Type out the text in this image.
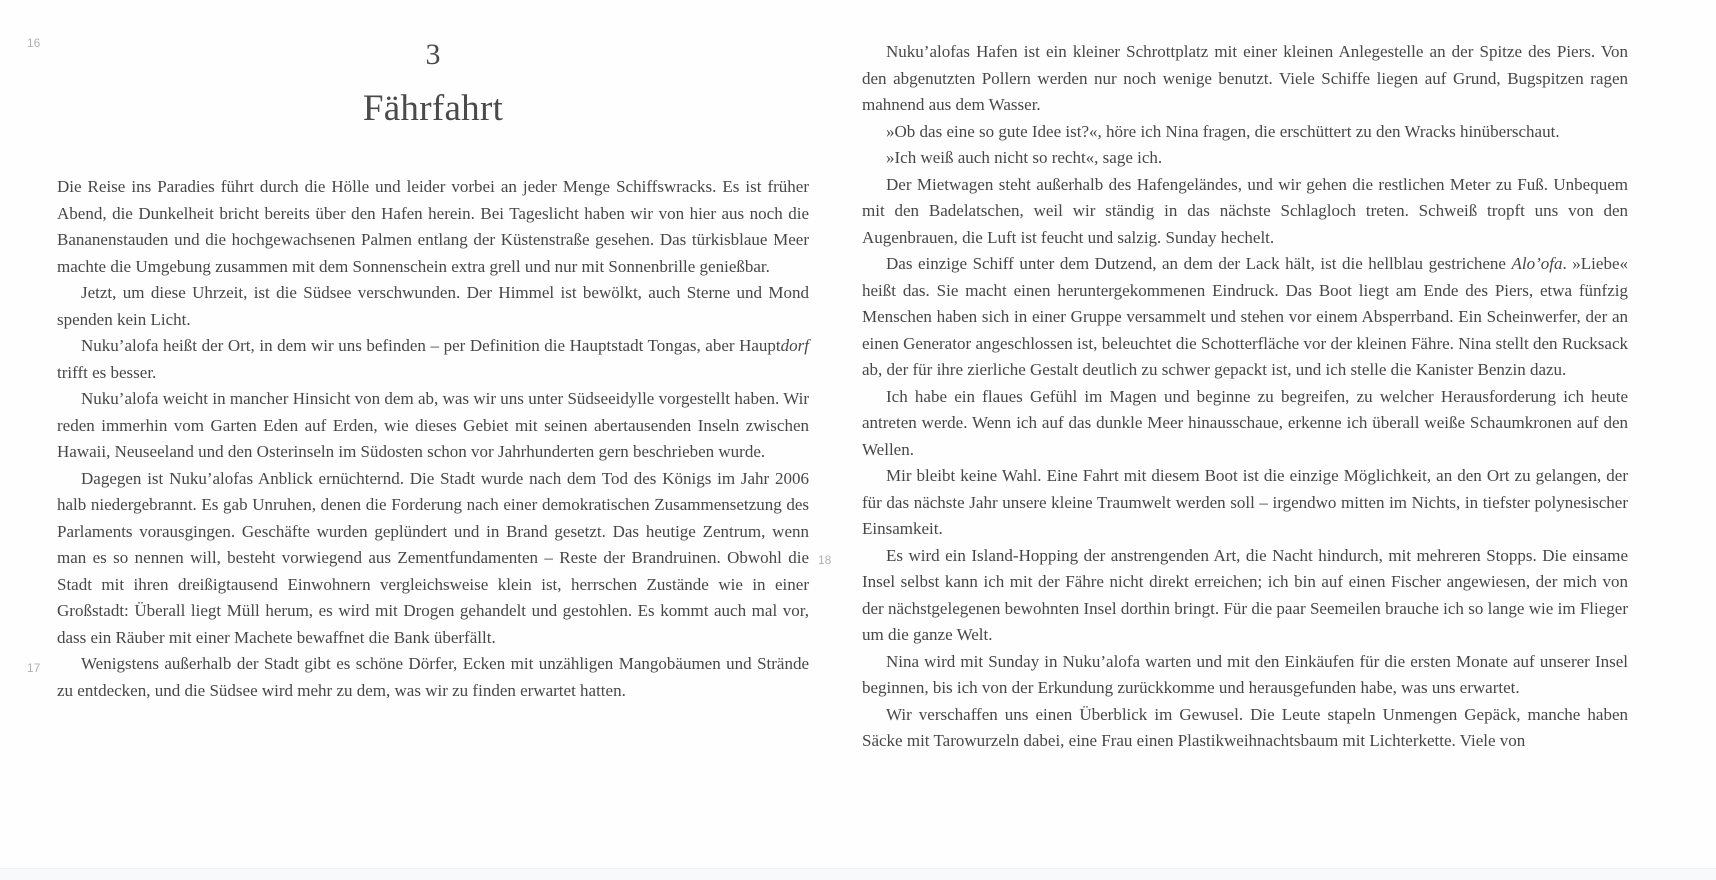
16	3
Fährfahrt

Die Reise ins Paradies führt durch die Hölle und leider vorbei an jeder Menge Schiffswracks. Es ist früher Abend, die Dunkelheit bricht bereits über den Hafen herein. Bei Tageslicht haben wir von hier aus noch die Bananenstauden und die hochgewachsenen Palmen entlang der Küstenstraße gesehen. Das türkisblaue Meer machte die Umgebung zusammen mit dem Sonnenschein extra grell und nur mit Sonnenbrille genießbar.

Jetzt, um diese Uhrzeit, ist die Südsee verschwunden. Der Himmel ist bewölkt, auch Sterne und Mond spenden kein Licht.

Nuku’alofa heißt der Ort, in dem wir uns befinden – per Definition die Hauptstadt Tongas, aber Hauptdorf trifft es besser.

Nuku’alofa weicht in mancher Hinsicht von dem ab, was wir uns unter Südseeidylle vorgestellt haben. Wir reden immerhin vom Garten Eden auf Erden, wie dieses Gebiet mit seinen abertausenden Inseln zwischen Hawaii, Neuseeland und den Osterinseln im Südosten schon vor Jahrhunderten gern beschrieben wurde.

Dagegen ist Nuku’alofas Anblick ernüchternd. Die Stadt wurde nach dem Tod des Königs im Jahr 2006 halb niedergebrannt. Es gab Unruhen, denen die Forderung nach einer demokratischen Zusammensetzung des Parlaments vorausgingen. Geschäfte wurden geplündert und in Brand gesetzt. Das heutige Zentrum, wenn man es so nennen will, besteht vorwiegend aus Zementfundamenten – Reste der Brandruinen. Obwohl die Stadt mit ihren dreißigtausend Einwohnern vergleichsweise klein ist, herrschen Zustände wie in einer Großstadt: Überall liegt Müll herum, es wird mit Drogen gehandelt und gestohlen. Es kommt auch mal vor, dass ein Räuber mit einer Machete bewaffnet die Bank überfällt.

17 Wenigstens außerhalb der Stadt gibt es schöne Dörfer, Ecken mit unzähligen Mangobäumen und Strände zu entdecken, und die Südsee wird mehr zu dem, was wir zu finden erwartet hatten.

Nuku’alofas Hafen ist ein kleiner Schrottplatz mit einer kleinen Anlegestelle an der Spitze des Piers. Von den abgenutzten Pollern werden nur noch wenige benutzt. Viele Schiffe liegen auf Grund, Bugspitzen ragen mahnend aus dem Wasser.

»Ob das eine so gute Idee ist?«, höre ich Nina fragen, die erschüttert zu den Wracks hinüberschaut.

»Ich weiß auch nicht so recht«, sage ich.

Der Mietwagen steht außerhalb des Hafengeländes, und wir gehen die restlichen Meter zu Fuß. Unbequem mit den Badelatschen, weil wir ständig in das nächste Schlagloch treten. Schweiß tropft uns von den Augenbrauen, die Luft ist feucht und salzig. Sunday hechelt.

Das einzige Schiff unter dem Dutzend, an dem der Lack hält, ist die hellblau gestrichene Alo’ofa. »Liebe« heißt das. Sie macht einen heruntergekommenen Eindruck. Das Boot liegt am Ende des Piers, etwa fünfzig Menschen haben sich in einer Gruppe versammelt und stehen vor einem Absperrband. Ein Scheinwerfer, der an einen Generator angeschlossen ist, beleuchtet die Schotterfläche vor der kleinen Fähre. Nina stellt den Rucksack ab, der für ihre zierliche Gestalt deutlich zu schwer gepackt ist, und ich stelle die Kanister Benzin dazu.

Ich habe ein flaues Gefühl im Magen und beginne zu begreifen, zu welcher Herausforderung ich heute antreten werde. Wenn ich auf das dunkle Meer hinausschaue, erkenne ich überall weiße Schaumkronen auf den Wellen.

Mir bleibt keine Wahl. Eine Fahrt mit diesem Boot ist die einzige Möglichkeit, an den Ort zu gelangen, der für das nächste Jahr unsere kleine Traumwelt werden soll – irgendwo mitten im Nichts, in tiefster polynesischer Einsamkeit.

18	Es wird ein Island-Hopping der anstrengenden Art, die Nacht hindurch, mit mehreren Stopps. Die einsame Insel selbst kann ich mit der Fähre nicht direkt erreichen; ich bin auf einen Fischer angewiesen, der mich von der nächstgelegenen bewohnten Insel dorthin bringt. Für die paar Seemeilen brauche ich so lange wie im Flieger um die ganze Welt.

Nina wird mit Sunday in Nuku’alofa warten und mit den Einkäufen für die ersten Monate auf unserer Insel beginnen, bis ich von der Erkundung zurückkomme und herausgefunden habe, was uns erwartet.

Wir verschaffen uns einen Überblick im Gewusel. Die Leute stapeln Unmengen Gepäck, manche haben Säcke mit Tarowurzeln dabei, eine Frau einen Plastikweihnachtsbaum mit Lichterkette. Viele von
